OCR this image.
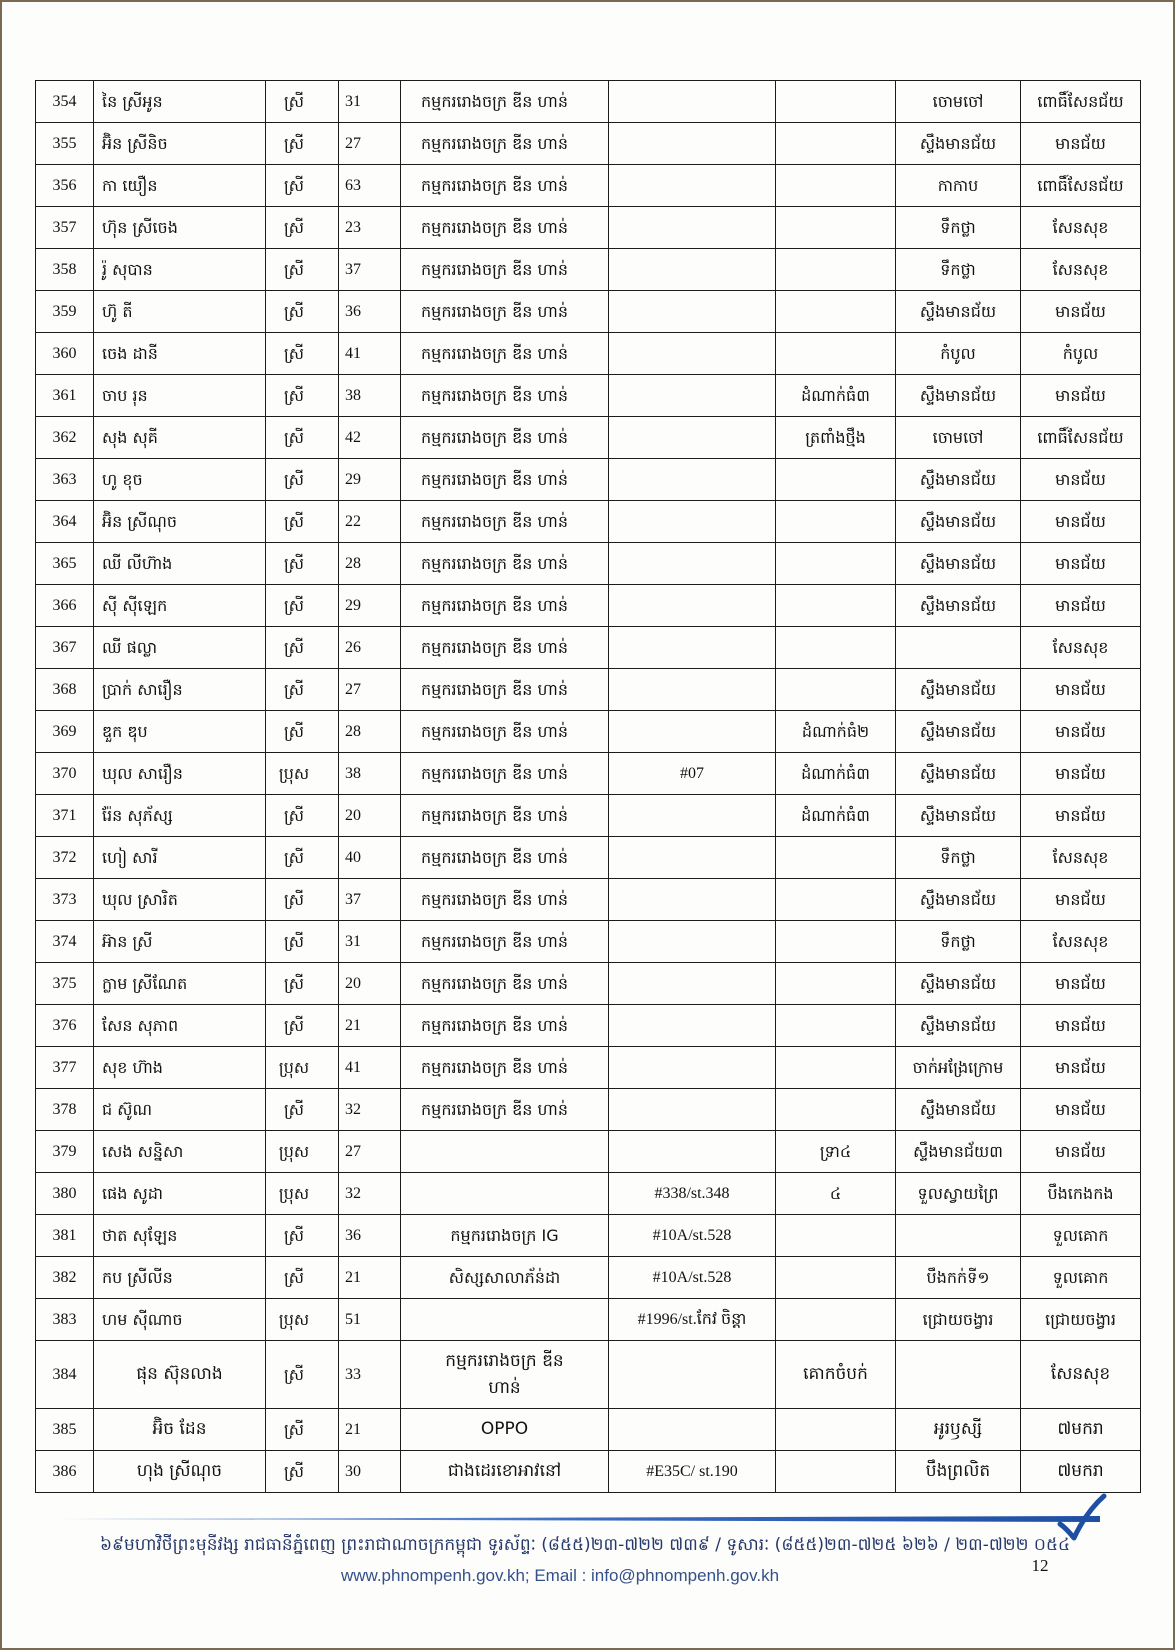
354	នៃ ស្រីអូន	ស្រី	31	កម្មកររោងចក្រ ឌីន ហាន់			ចោមចៅ	ពោធិ៍សែនជ័យ
355	អ៊ិន ស្រីនិច	ស្រី	27	កម្មកររោងចក្រ ឌីន ហាន់			ស្ទឹងមានជ័យ	មានជ័យ
356	កា យឿន	ស្រី	63	កម្មកររោងចក្រ ឌីន ហាន់			កាកាប	ពោធិ៍សែនជ័យ
357	ហ៊ុន ស្រីចេង	ស្រី	23	កម្មកររោងចក្រ ឌីន ហាន់			ទឹកថ្លា	សែនសុខ
358	រ៉ូ សុបាន	ស្រី	37	កម្មកររោងចក្រ ឌីន ហាន់			ទឹកថ្លា	សែនសុខ
359	ហ៊ូ តី	ស្រី	36	កម្មកររោងចក្រ ឌីន ហាន់			ស្ទឹងមានជ័យ	មានជ័យ
360	ចេង ដានី	ស្រី	41	កម្មកររោងចក្រ ឌីន ហាន់			កំបូល	កំបូល
361	ចាប រុន	ស្រី	38	កម្មកររោងចក្រ ឌីន ហាន់		ដំណាក់ធំ៣	ស្ទឹងមានជ័យ	មានជ័យ
362	សុង សុគី	ស្រី	42	កម្មកររោងចក្រ ឌីន ហាន់		ត្រពាំងថ្មឹង	ចោមចៅ	ពោធិ៍សែនជ័យ
363	ហូ ខុច	ស្រី	29	កម្មកររោងចក្រ ឌីន ហាន់			ស្ទឹងមានជ័យ	មានជ័យ
364	អ៊ិន ស្រីណុច	ស្រី	22	កម្មកររោងចក្រ ឌីន ហាន់			ស្ទឹងមានជ័យ	មានជ័យ
365	ឈី លីហ៊ាង	ស្រី	28	កម្មកររោងចក្រ ឌីន ហាន់			ស្ទឹងមានជ័យ	មានជ័យ
366	ស៊ី ស៊ីឡេក	ស្រី	29	កម្មកររោងចក្រ ឌីន ហាន់			ស្ទឹងមានជ័យ	មានជ័យ
367	ឈី ផល្លា	ស្រី	26	កម្មកររោងចក្រ ឌីន ហាន់				សែនសុខ
368	ប្រាក់ សារឿន	ស្រី	27	កម្មកររោងចក្រ ឌីន ហាន់			ស្ទឹងមានជ័យ	មានជ័យ
369	ឌួក ឌុប	ស្រី	28	កម្មកររោងចក្រ ឌីន ហាន់		ដំណាក់ធំ២	ស្ទឹងមានជ័យ	មានជ័យ
370	ឃុល សារឿន	ប្រុស	38	កម្មកររោងចក្រ ឌីន ហាន់	#07	ដំណាក់ធំ៣	ស្ទឹងមានជ័យ	មានជ័យ
371	រ៉ែន សុភ័ស្ស	ស្រី	20	កម្មកររោងចក្រ ឌីន ហាន់		ដំណាក់ធំ៣	ស្ទឹងមានជ័យ	មានជ័យ
372	ហៀ សារី	ស្រី	40	កម្មកររោងចក្រ ឌីន ហាន់			ទឹកថ្លា	សែនសុខ
373	ឃុល ស្រារិត	ស្រី	37	កម្មកររោងចក្រ ឌីន ហាន់			ស្ទឹងមានជ័យ	មានជ័យ
374	អ៊ាន ស្រី	ស្រី	31	កម្មកររោងចក្រ ឌីន ហាន់			ទឹកថ្លា	សែនសុខ
375	ក្លាម ស្រីណែត	ស្រី	20	កម្មកររោងចក្រ ឌីន ហាន់			ស្ទឹងមានជ័យ	មានជ័យ
376	សែន សុភាព	ស្រី	21	កម្មកររោងចក្រ ឌីន ហាន់			ស្ទឹងមានជ័យ	មានជ័យ
377	សុខ ហ៊ាង	ប្រុស	41	កម្មកររោងចក្រ ឌីន ហាន់			ចាក់អង្រែក្រោម	មានជ័យ
378	ជ ស៊ូណ	ស្រី	32	កម្មកររោងចក្រ ឌីន ហាន់			ស្ទឹងមានជ័យ	មានជ័យ
379	សេង សន្និសា	ប្រុស	27			ទ្រា៤	ស្ទឹងមានជ័យ៣	មានជ័យ
380	ផេង សូដា	ប្រុស	32		#338/st.348	៤	ទួលស្វាយព្រៃ	បឹងកេងកង
381	ថាត សុឡែន	ស្រី	36	កម្មកររោងចក្រ IG	#10A/st.528			ទួលគោក
382	កប ស្រីលីន	ស្រី	21	សិស្សសាលាភ័ន់ដា	#10A/st.528		បឹងកក់ទី១	ទួលគោក
383	ហម ស៊ីណាច	ប្រុស	51		#1996/st.កែវ ចិន្តា		ជ្រោយចង្វារ	ជ្រោយចង្វារ
384	ផុន ស៊ុនលាង	ស្រី	33	កម្មកររោងចក្រ ឌីន ហាន់		គោកចំបក់		សែនសុខ
385	អ៊ិច ដែន	ស្រី	21	OPPO			អូរឫស្សី	៧មករា
386	ហុង ស្រីណុច	ស្រី	30	ជាងដេរខោអាវនៅ	#E35C/ st.190		បឹងព្រលិត	៧មករា
៦៩មហាវិថីព្រះមុនីវង្ស រាជធានីភ្នំពេញ ព្រះរាជាណាចក្រកម្ពុជា ទូរស័ព្ទៈ (៨៥៥)២៣-៧២២ ៧៣៩ / ទូសារៈ (៨៥៥)២៣-៧២៥ ៦២៦ / ២៣-៧២២ ០៥៤
www.phnompenh.gov.kh; Email : info@phnompenh.gov.kh
12
